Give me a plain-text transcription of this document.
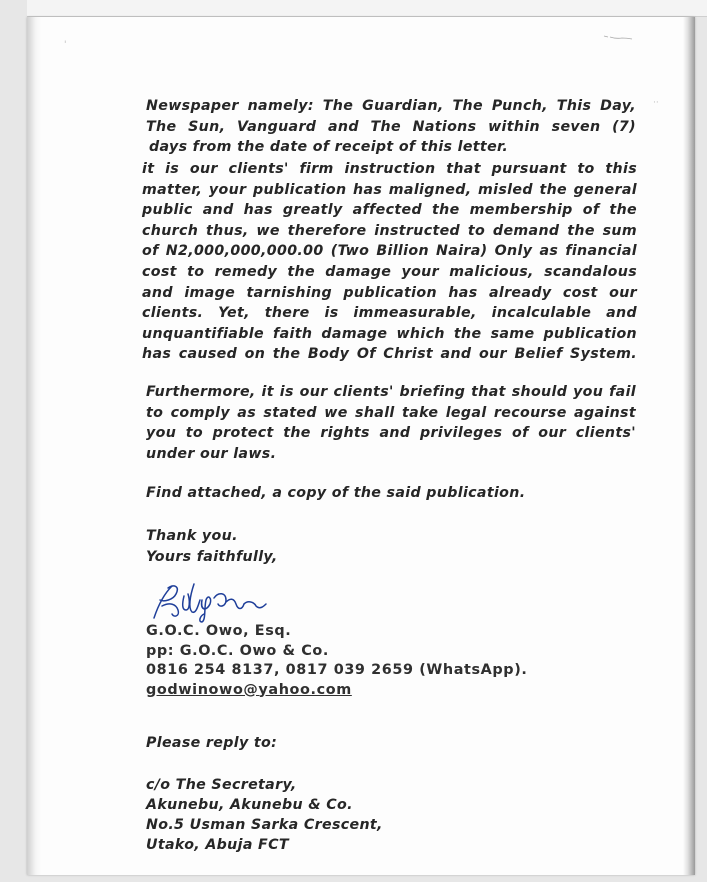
'
··
Newspaper namely: The Guardian, The Punch, This Day,
The Sun, Vanguard and The Nations within seven (7)
days from the date of receipt of this letter.
it is our clients' firm instruction that pursuant to this
matter, your publication has maligned, misled the general
public and has greatly affected the membership of the
church thus, we therefore instructed to demand the sum
of N2,000,000,000.00 (Two Billion Naira) Only as financial
cost to remedy the damage your malicious, scandalous
and image tarnishing publication has already cost our
clients. Yet, there is immeasurable, incalculable and
unquantifiable faith damage which the same publication
has caused on the Body Of Christ and our Belief System.
Furthermore, it is our clients' briefing that should you fail
to comply as stated we shall take legal recourse against
you to protect the rights and privileges of our clients'
under our laws.
Find attached, a copy of the said publication.
Thank you.
Yours faithfully,
G.O.C. Owo, Esq.
pp: G.O.C. Owo & Co.
0816 254 8137, 0817 039 2659 (WhatsApp).
godwinowo@yahoo.com
Please reply to:
c/o The Secretary,
Akunebu, Akunebu & Co.
No.5 Usman Sarka Crescent,
Utako, Abuja FCT
